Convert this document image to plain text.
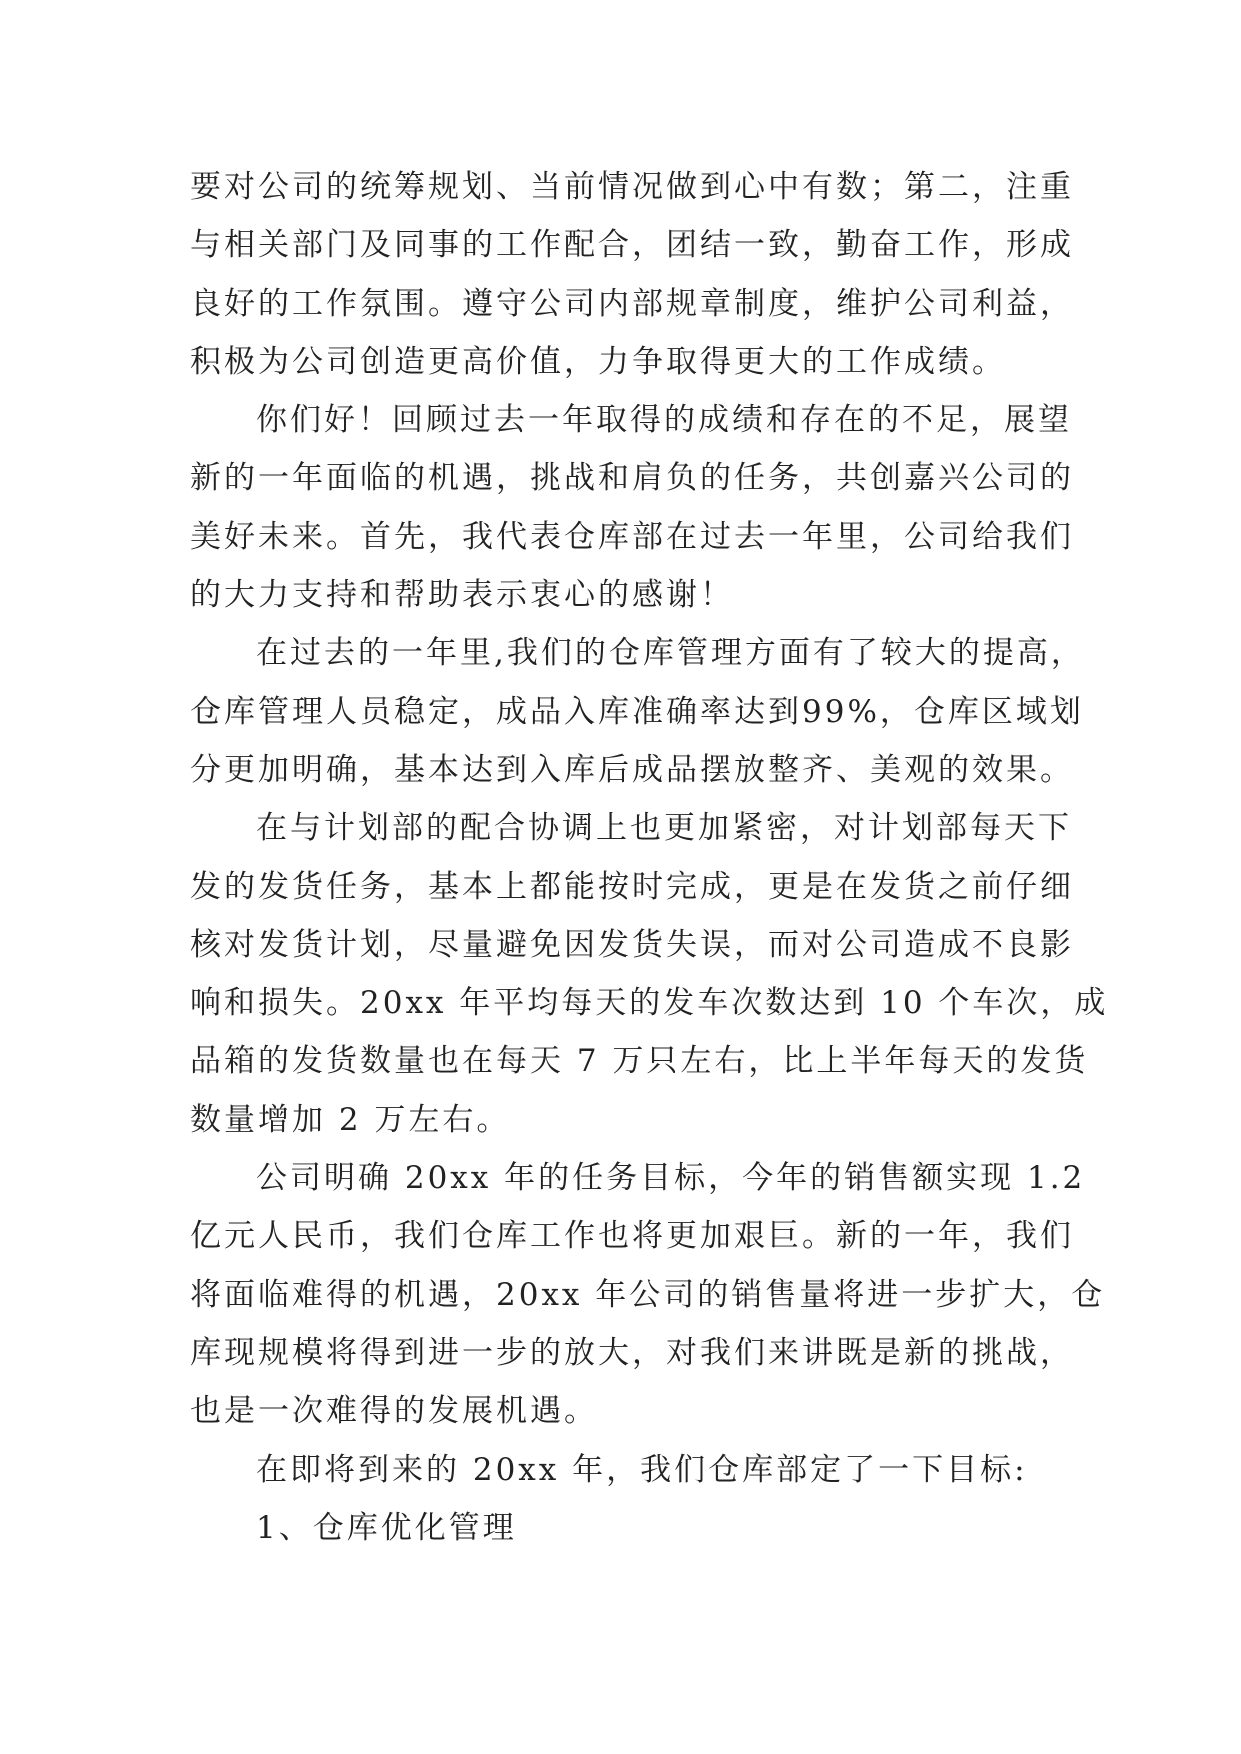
要对公司的统筹规划、当前情况做到心中有数；第二，注重
与相关部门及同事的工作配合，团结一致，勤奋工作，形成
良好的工作氛围。遵守公司内部规章制度，维护公司利益，
积极为公司创造更高价值，力争取得更大的工作成绩。
你们好！回顾过去一年取得的成绩和存在的不足，展望
新的一年面临的机遇，挑战和肩负的任务，共创嘉兴公司的
美好未来。首先，我代表仓库部在过去一年里，公司给我们
的大力支持和帮助表示衷心的感谢！
在过去的一年里,我们的仓库管理方面有了较大的提高，
仓库管理人员稳定，成品入库准确率达到99%，仓库区域划
分更加明确，基本达到入库后成品摆放整齐、美观的效果。
在与计划部的配合协调上也更加紧密，对计划部每天下
发的发货任务，基本上都能按时完成，更是在发货之前仔细
核对发货计划，尽量避免因发货失误，而对公司造成不良影
响和损失。20xx 年平均每天的发车次数达到 10 个车次，成
品箱的发货数量也在每天 7 万只左右，比上半年每天的发货
数量增加 2 万左右。
公司明确 20xx 年的任务目标，今年的销售额实现 1.2
亿元人民币，我们仓库工作也将更加艰巨。新的一年，我们
将面临难得的机遇，20xx 年公司的销售量将进一步扩大，仓
库现规模将得到进一步的放大，对我们来讲既是新的挑战，
也是一次难得的发展机遇。
在即将到来的 20xx 年，我们仓库部定了一下目标:
1、仓库优化管理
